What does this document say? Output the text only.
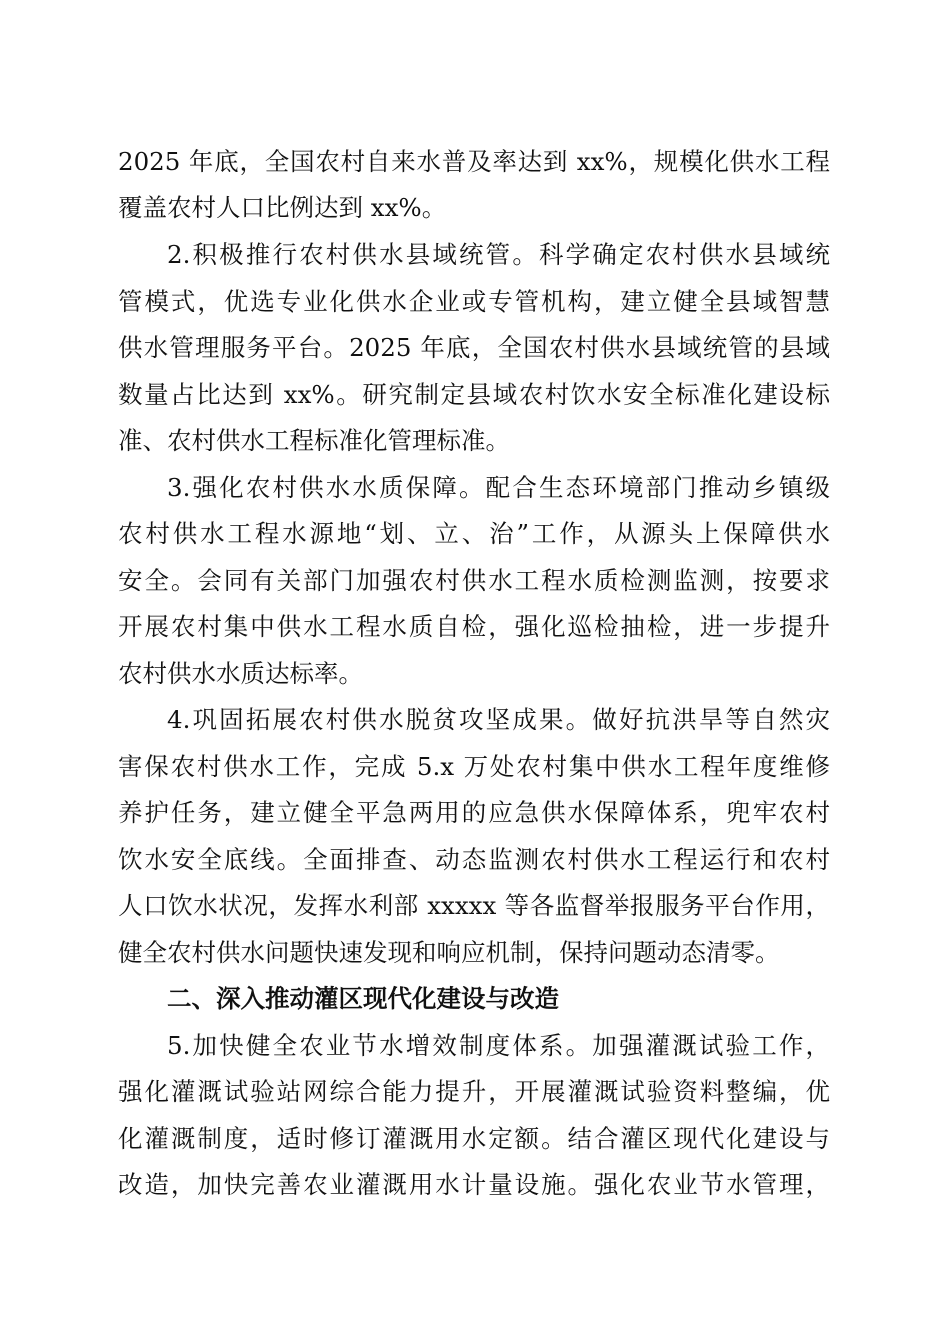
2025 年底，全国农村自来水普及率达到 xx%，规模化供水工程
覆盖农村人口比例达到 xx%。
2.积极推行农村供水县域统管。科学确定农村供水县域统
管模式，优选专业化供水企业或专管机构，建立健全县域智慧
供水管理服务平台。2025 年底，全国农村供水县域统管的县域
数量占比达到 xx%。研究制定县域农村饮水安全标准化建设标
准、农村供水工程标准化管理标准。
3.强化农村供水水质保障。配合生态环境部门推动乡镇级
农村供水工程水源地“划、立、治”工作，从源头上保障供水
安全。会同有关部门加强农村供水工程水质检测监测，按要求
开展农村集中供水工程水质自检，强化巡检抽检，进一步提升
农村供水水质达标率。
4.巩固拓展农村供水脱贫攻坚成果。做好抗洪旱等自然灾
害保农村供水工作，完成 5.x 万处农村集中供水工程年度维修
养护任务，建立健全平急两用的应急供水保障体系，兜牢农村
饮水安全底线。全面排查、动态监测农村供水工程运行和农村
人口饮水状况，发挥水利部 xxxxx 等各监督举报服务平台作用，
健全农村供水问题快速发现和响应机制，保持问题动态清零。
二、深入推动灌区现代化建设与改造
5.加快健全农业节水增效制度体系。加强灌溉试验工作，
强化灌溉试验站网综合能力提升，开展灌溉试验资料整编，优
化灌溉制度，适时修订灌溉用水定额。结合灌区现代化建设与
改造，加快完善农业灌溉用水计量设施。强化农业节水管理，
